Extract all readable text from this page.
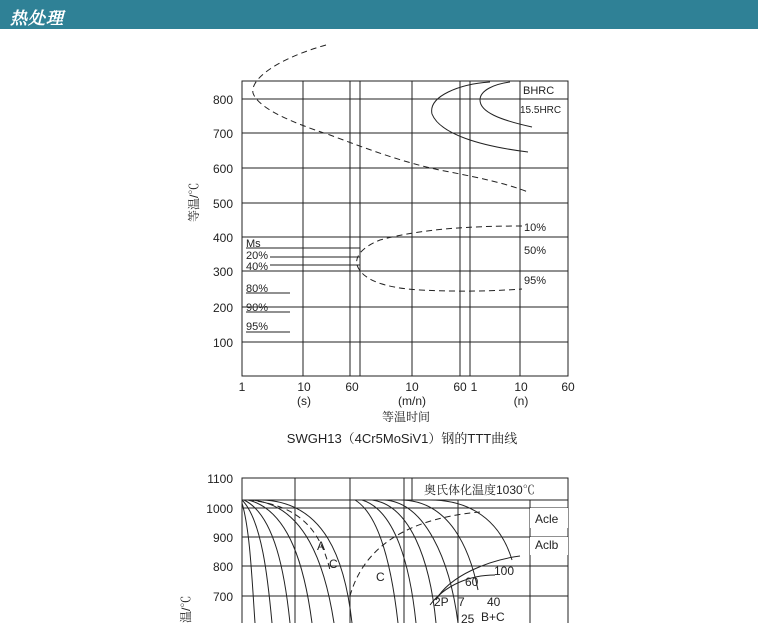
热处理
800
700
600
500
400
300
200
100
等温/℃
1	10	60	10	60 1	10	60
(s)	(m/n)	(n)
等温时间
SWGH13（4Cr5MoSiV1）钢的TTT曲线
BHRC
15.5HRC
10%
50%
95%
Ms
20%
40%
80%
90%
95%
1100
1000
900
800
700
温/℃
奥氏体化温度1030℃
Acle
Aclb
A
C
C	60
100
2P 7 40
25 B+C
